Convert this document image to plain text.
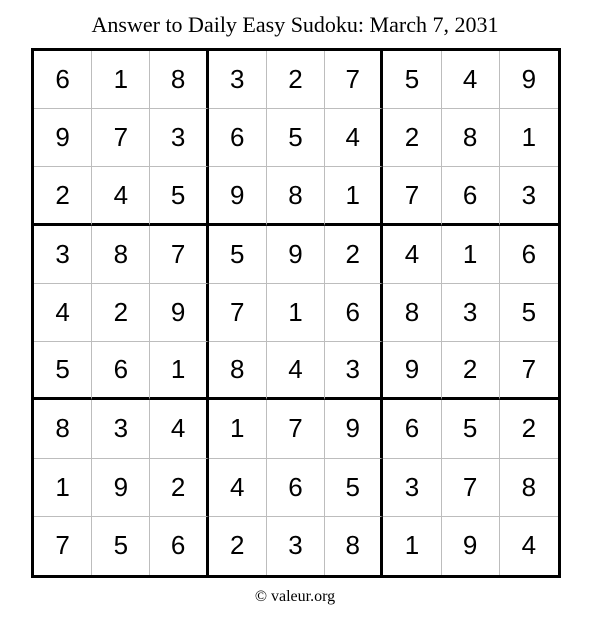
Answer to Daily Easy Sudoku: March 7, 2031
6	1	8	3	2	7	5	4	9
9	7	3	6	5	4	2	8	1
2	4	5	9	8	1	7	6	3
3	8	7	5	9	2	4	1	6
4	2	9	7	1	6	8	3	5
5	6	1	8	4	3	9	2	7
8	3	4	1	7	9	6	5	2
1	9	2	4	6	5	3	7	8
7	5	6	2	3	8	1	9	4
© valeur.org
